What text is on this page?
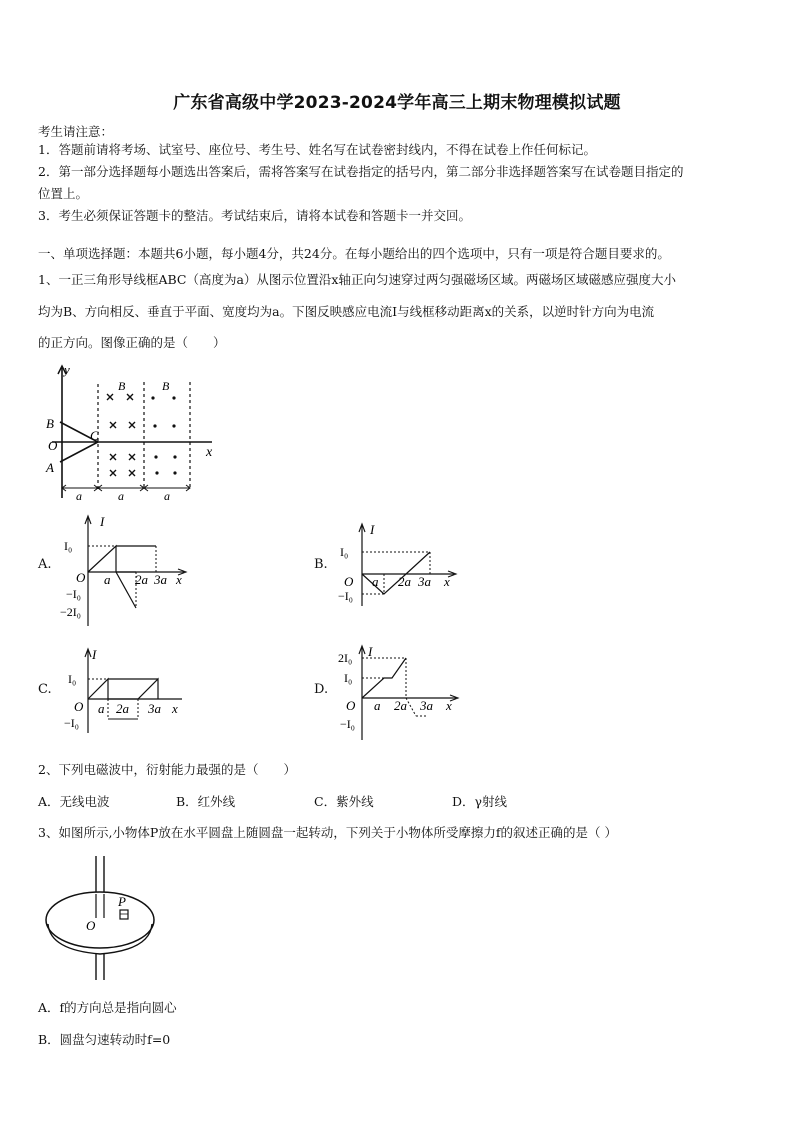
广东省高级中学2023-2024学年高三上期末物理模拟试题
考生请注意：
1．答题前请将考场、试室号、座位号、考生号、姓名写在试卷密封线内，不得在试卷上作任何标记。
2．第一部分选择题每小题选出答案后，需将答案写在试卷指定的括号内，第二部分非选择题答案写在试卷题目指定的
位置上。
3．考生必须保证答题卡的整洁。考试结束后，请将本试卷和答题卡一并交回。
一、单项选择题：本题共6小题，每小题4分，共24分。在每小题给出的四个选项中，只有一项是符合题目要求的。
1、一正三角形导线框ABC（高度为a）从图示位置沿x轴正向匀速穿过两匀强磁场区域。两磁场区域磁感应强度大小
均为B、方向相反、垂直于平面、宽度均为a。下图反映感应电流I与线框移动距离x的关系，以逆时针方向为电流
的正方向。图像正确的是（　　）
y
B
O
C
A
x
B	B
a	a	a
A.	B.
C.	D.
I
I₀
O
−I₀
−2I₀
a 2a 3a x
I
I₀
O
−I₀
a 2a 3a x
I
I₀
O
−I₀
a 2a 3a x
I
2I₀
I₀
O
−I₀
a 2a 3a x
2、下列电磁波中，衍射能力最强的是（　　）
A．无线电波	B．红外线	C．紫外线	D．γ射线
3、如图所示,小物体P放在水平圆盘上随圆盘一起转动，下列关于小物体所受摩擦力f的叙述正确的是（ ）
P
O
A．f的方向总是指向圆心
B．圆盘匀速转动时f=0
